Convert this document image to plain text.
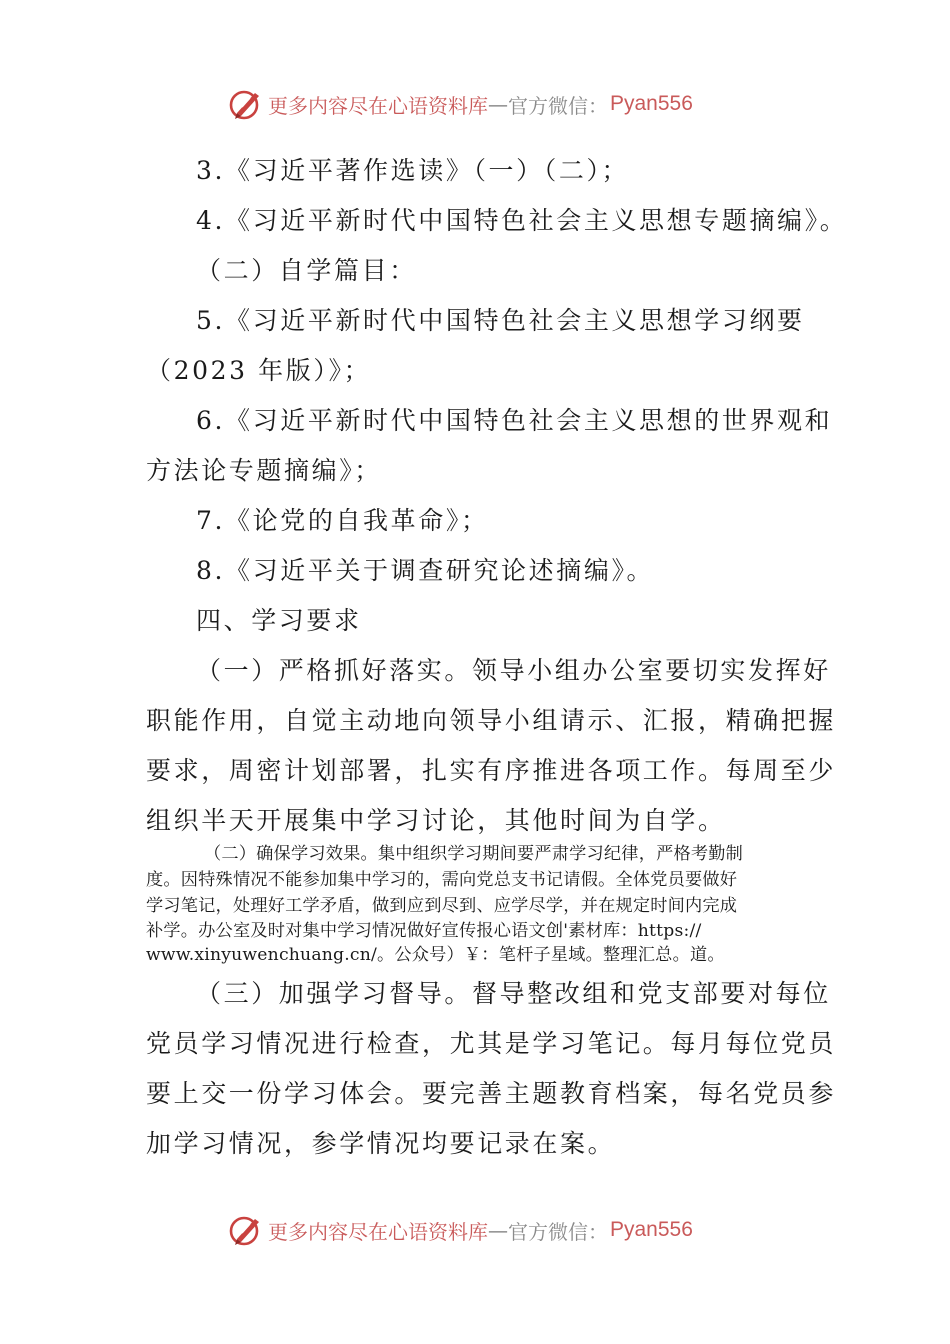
更多内容尽在心语资料库 — 官方微信： Pyan556
3.《习近平著作选读》（一）（二）；
4.《习近平新时代中国特色社会主义思想专题摘编》。
（二）自学篇目：
5.《习近平新时代中国特色社会主义思想学习纲要
（2023 年版）》；
6.《习近平新时代中国特色社会主义思想的世界观和
方法论专题摘编》；
7.《论党的自我革命》；
8.《习近平关于调查研究论述摘编》。
四、学习要求
（一）严格抓好落实。领导小组办公室要切实发挥好
职能作用，自觉主动地向领导小组请示、汇报，精确把握
要求，周密计划部署，扎实有序推进各项工作。每周至少
组织半天开展集中学习讨论，其他时间为自学。
（二）确保学习效果。集中组织学习期间要严肃学习纪律，严格考勤制
度。因特殊情况不能参加集中学习的，需向党总支书记请假。全体党员要做好
学习笔记，处理好工学矛盾，做到应到尽到、应学尽学，并在规定时间内完成
补学。办公室及时对集中学习情况做好宣传报心语文创'素材库：https://
www.xinyuwenchuang.cn/。公众号）￥：笔杆子星域。整理汇总。道。
（三）加强学习督导。督导整改组和党支部要对每位
党员学习情况进行检查，尤其是学习笔记。每月每位党员
要上交一份学习体会。要完善主题教育档案，每名党员参
加学习情况，参学情况均要记录在案。
更多内容尽在心语资料库 — 官方微信： Pyan556
